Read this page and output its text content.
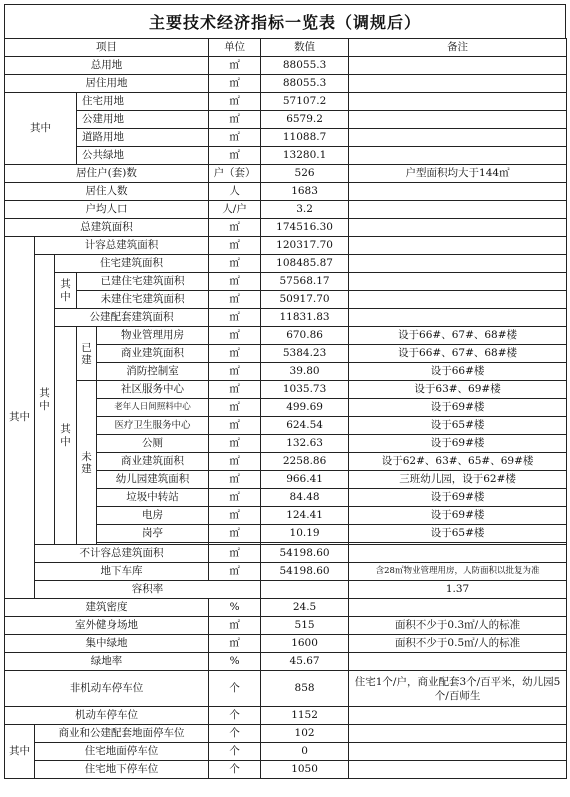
主要技术经济指标一览表（调规后）
项目					单位	数值	备注	
总用地					㎡	88055.3		
居住用地					㎡	88055.3		
其中			住宅用地		㎡	57107.2		
			公建用地		㎡	6579.2		
			道路用地		㎡	11088.7		
			公共绿地		㎡	13280.1		
居住户(套)数					户（套）	526	户型面积均大于144㎡	
居住人数					人	1683		
户均人口					人/户	3.2		
总建筑面积					㎡	174516.30		
其中	计容总建筑面积				㎡	120317.70		
	其中	住宅建筑面积			㎡	108485.87		
		其中	已建住宅建筑面积		㎡	57568.17		
			未建住宅建筑面积		㎡	50917.70		
		公建配套建筑面积			㎡	11831.83		
		其中	已建	物业管理用房	㎡	670.86	设于66#、67#、68#楼	
				商业建筑面积	㎡	5384.23	设于66#、67#、68#楼	
				消防控制室	㎡	39.80	设于66#楼	
			未建	社区服务中心	㎡	1035.73	设于63#、69#楼	
				老年人日间照料中心	㎡	499.69	设于69#楼	
				医疗卫生服务中心	㎡	624.54	设于65#楼	
				公厕	㎡	132.63	设于69#楼	
				商业建筑面积	㎡	2258.86	设于62#、63#、65#、69#楼	
				幼儿园建筑面积	㎡	966.41	三班幼儿园，设于62#楼	
				垃圾中转站	㎡	84.48	设于69#楼	
				电房	㎡	124.41	设于69#楼	
				岗亭	㎡	10.19	设于65#楼	

	不计容总建筑面积				㎡	54198.60		
	地下车库				㎡	54198.60	含28㎡物业管理用房，人防面积以批复为准	
	容积率						1.37	
建筑密度					%	24.5		
室外健身场地					㎡	515	面积不少于0.3㎡/人的标准	
集中绿地					㎡	1600	面积不少于0.5㎡/人的标准	
绿地率					%	45.67		
非机动车停车位					个	858	住宅1个/户，商业配套3个/百平米，幼儿园5个/百师生	
机动车停车位					个	1152		
其中	商业和公建配套地面停车位				个	102		
	住宅地面停车位				个	0		
	住宅地下停车位				个	1050		
